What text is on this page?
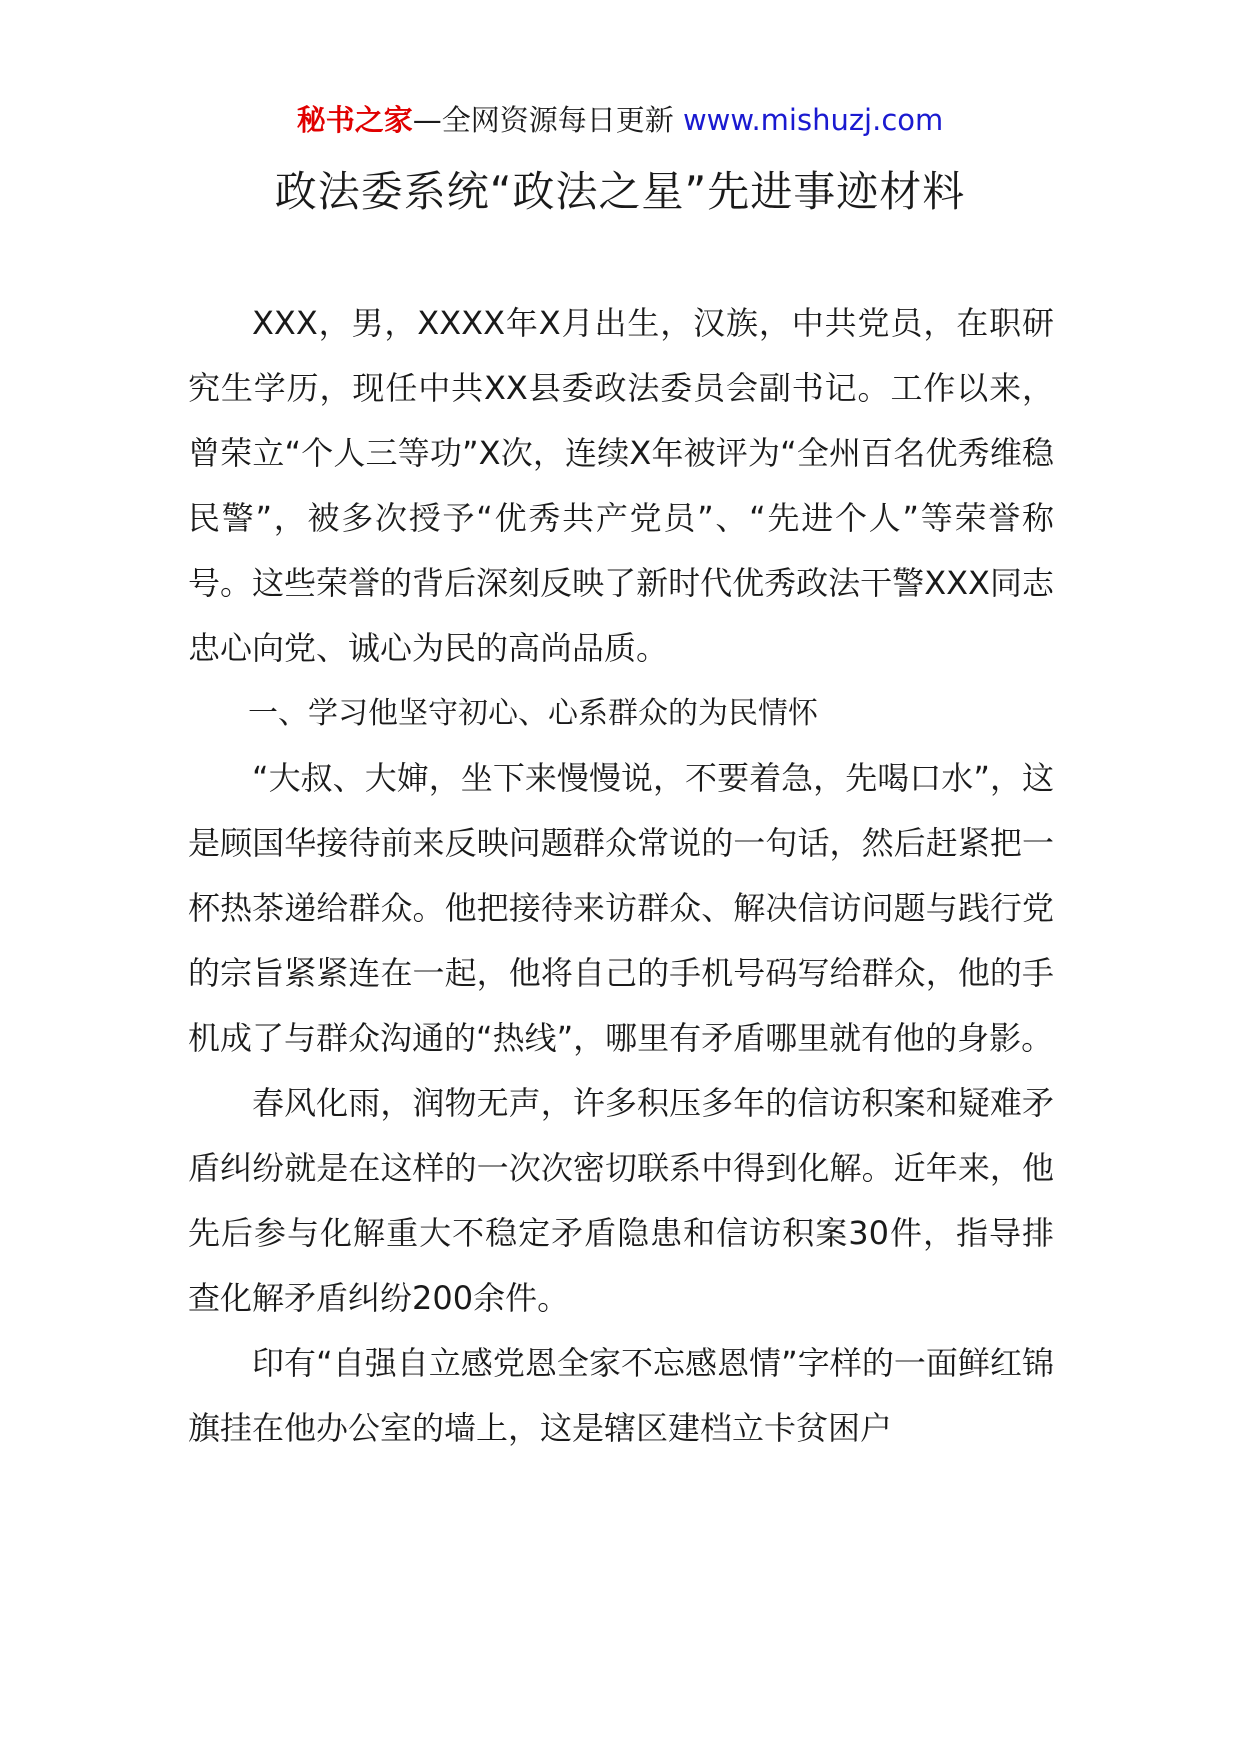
秘书之家—全网资源每日更新 www.mishuzj.com
政法委系统“政法之星”先进事迹材料

XXX，男，XXXX年X月出生，汉族，中共党员，在职研究生学历，现任中共XX县委政法委员会副书记。工作以来，曾荣立“个人三等功”X次，连续X年被评为“全州百名优秀维稳民警”，被多次授予“优秀共产党员”、“先进个人”等荣誉称号。这些荣誉的背后深刻反映了新时代优秀政法干警XXX同志忠心向党、诚心为民的高尚品质。

一、学习他坚守初心、心系群众的为民情怀

“大叔、大婶，坐下来慢慢说，不要着急，先喝口水”，这是顾国华接待前来反映问题群众常说的一句话，然后赶紧把一杯热茶递给群众。他把接待来访群众、解决信访问题与践行党的宗旨紧紧连在一起，他将自己的手机号码写给群众，他的手机成了与群众沟通的“热线”，哪里有矛盾哪里就有他的身影。

春风化雨，润物无声，许多积压多年的信访积案和疑难矛盾纠纷就是在这样的一次次密切联系中得到化解。近年来，他先后参与化解重大不稳定矛盾隐患和信访积案30件，指导排查化解矛盾纠纷200余件。

印有“自强自立感党恩全家不忘感恩情”字样的一面鲜红锦旗挂在他办公室的墙上，这是辖区建档立卡贫困户
